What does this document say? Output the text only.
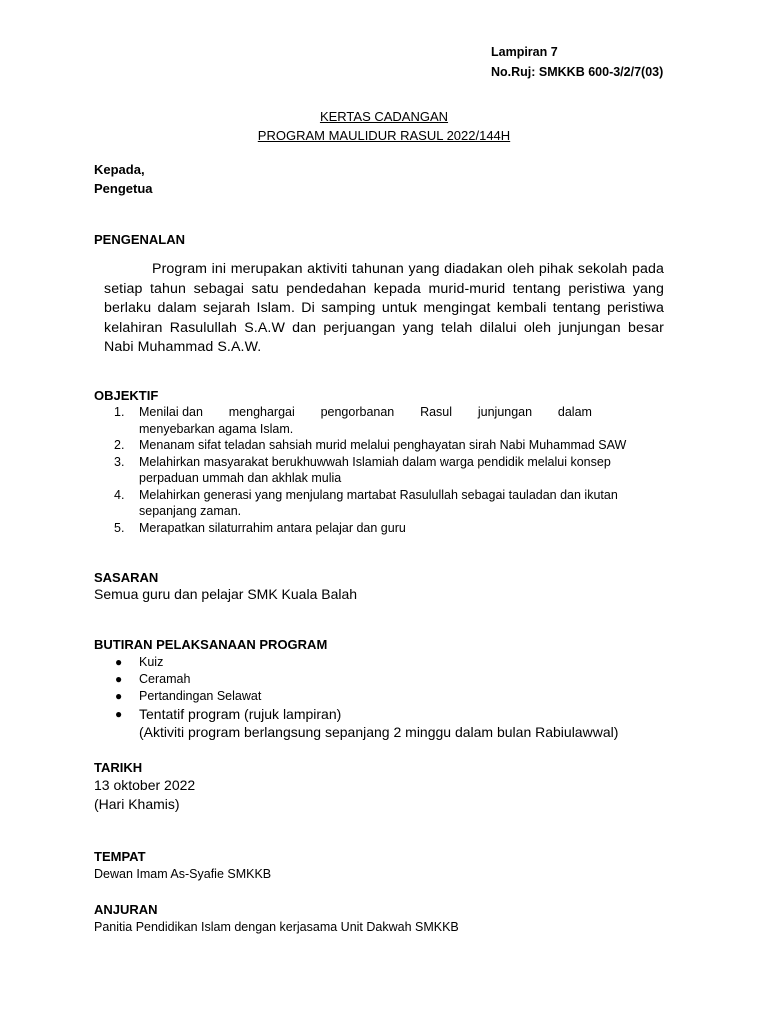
Lampiran 7
No.Ruj: SMKKB 600-3/2/7(03)
KERTAS CADANGAN
PROGRAM MAULIDUR RASUL 2022/144H
Kepada,
Pengetua
PENGENALAN
Program ini merupakan aktiviti tahunan yang diadakan oleh pihak sekolah pada setiap tahun sebagai satu pendedahan kepada murid-murid tentang peristiwa yang berlaku dalam sejarah Islam. Di samping untuk mengingat kembali tentang peristiwa kelahiran Rasulullah S.A.W dan perjuangan yang telah dilalui oleh junjungan besar Nabi Muhammad S.A.W.
OBJEKTIF
1. Menilai dan menghargai pengorbanan Rasul junjungan dalam
menyebarkan agama Islam.
2. Menanam sifat teladan sahsiah murid melalui penghayatan sirah Nabi Muhammad SAW
3. Melahirkan masyarakat berukhuwwah Islamiah dalam warga pendidik melalui konsep perpaduan ummah dan akhlak mulia
4. Melahirkan generasi yang menjulang martabat Rasulullah sebagai tauladan dan ikutan sepanjang zaman.
5. Merapatkan silaturrahim antara pelajar dan guru
SASARAN
Semua guru dan pelajar SMK Kuala Balah
BUTIRAN PELAKSANAAN PROGRAM
● Kuiz
● Ceramah
● Pertandingan Selawat
● Tentatif program (rujuk lampiran)
(Aktiviti program berlangsung sepanjang 2 minggu dalam bulan Rabiulawwal)
TARIKH
13 oktober 2022
(Hari Khamis)
TEMPAT
Dewan Imam As-Syafie SMKKB
ANJURAN
Panitia Pendidikan Islam dengan kerjasama Unit Dakwah SMKKB
